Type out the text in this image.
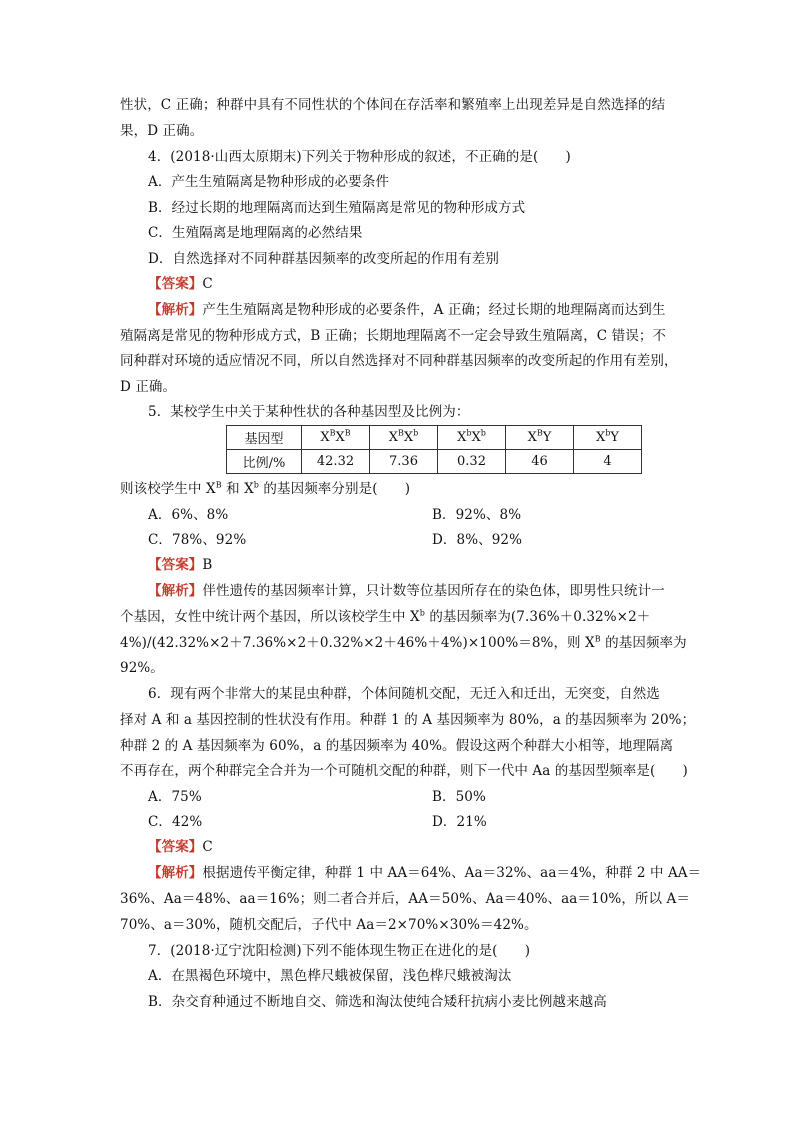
性状，C 正确；种群中具有不同性状的个体间在存活率和繁殖率上出现差异是自然选择的结
果，D 正确。
4．(2018·山西太原期末)下列关于物种形成的叙述，不正确的是(　　)
A．产生生殖隔离是物种形成的必要条件
B．经过长期的地理隔离而达到生殖隔离是常见的物种形成方式
C．生殖隔离是地理隔离的必然结果
D．自然选择对不同种群基因频率的改变所起的作用有差别
【答案】C
【解析】产生生殖隔离是物种形成的必要条件，A 正确；经过长期的地理隔离而达到生
殖隔离是常见的物种形成方式，B 正确；长期地理隔离不一定会导致生殖隔离，C 错误；不
同种群对环境的适应情况不同，所以自然选择对不同种群基因频率的改变所起的作用有差别，
D 正确。
5．某校学生中关于某种性状的各种基因型及比例为：
基因型	$X^BX^B$	$X^BX^b$	$X^bX^b$	$X^BY$	$X^bY$
比例/%	42.32	7.36	0.32	46	4
则该校学生中 $X^B$ 和 $X^b$ 的基因频率分别是(　　)
A．6%、8%	B．92%、8%
C．78%、92%	D．8%、92%
【答案】B
【解析】伴性遗传的基因频率计算，只计数等位基因所存在的染色体，即男性只统计一
个基因，女性中统计两个基因，所以该校学生中 $X^b$ 的基因频率为(7.36%＋0.32%×2＋
4%)/(42.32%×2＋7.36%×2＋0.32%×2＋46%＋4%)×100%＝8%，则 $X^B$ 的基因频率为
92%。
6．现有两个非常大的某昆虫种群，个体间随机交配，无迁入和迁出，无突变，自然选
择对 A 和 a 基因控制的性状没有作用。种群 1 的 A 基因频率为 80%，a 的基因频率为 20%；
种群 2 的 A 基因频率为 60%，a 的基因频率为 40%。假设这两个种群大小相等，地理隔离
不再存在，两个种群完全合并为一个可随机交配的种群，则下一代中 Aa 的基因型频率是(　　)
A．75%	B．50%
C．42%	D．21%
【答案】C
【解析】根据遗传平衡定律，种群 1 中 AA＝64%、Aa＝32%、aa＝4%，种群 2 中 AA＝
36%、Aa＝48%、aa＝16%；则二者合并后，AA＝50%、Aa＝40%、aa＝10%，所以 A＝
70%、a＝30%，随机交配后，子代中 Aa＝2×70%×30%＝42%。
7．(2018·辽宁沈阳检测)下列不能体现生物正在进化的是(　　)
A．在黑褐色环境中，黑色桦尺蛾被保留，浅色桦尺蛾被淘汰
B．杂交育种通过不断地自交、筛选和淘汰使纯合矮秆抗病小麦比例越来越高
